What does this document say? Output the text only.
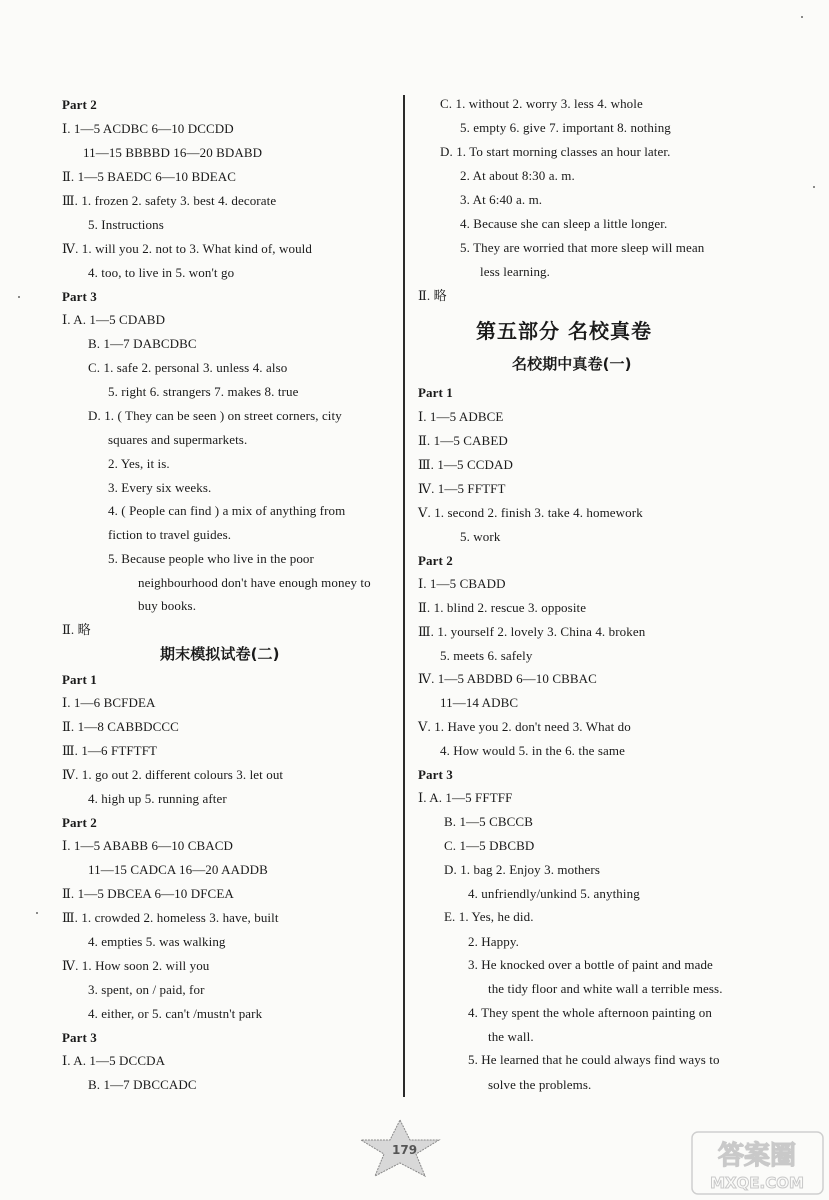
Part 2
Ⅰ. 1—5 ACDBC 6—10 DCCDD
11—15 BBBBD 16—20 BDABD
Ⅱ. 1—5 BAEDC 6—10 BDEAC
Ⅲ. 1. frozen 2. safety 3. best 4. decorate
5. Instructions
Ⅳ. 1. will you 2. not to 3. What kind of, would
4. too, to live in 5. won't go
Part 3
Ⅰ. A. 1—5 CDABD
B. 1—7 DABCDBC
C. 1. safe 2. personal 3. unless 4. also
5. right 6. strangers 7. makes 8. true
D. 1. ( They can be seen ) on street corners, city
squares and supermarkets.
2. Yes, it is.
3. Every six weeks.
4. ( People can find ) a mix of anything from
fiction to travel guides.
5. Because people who live in the poor
neighbourhood don't have enough money to
buy books.
Ⅱ. 略
期末模拟试卷(二)
Part 1
Ⅰ. 1—6 BCFDEA
Ⅱ. 1—8 CABBDCCC
Ⅲ. 1—6 FTFTFT
Ⅳ. 1. go out 2. different colours 3. let out
4. high up 5. running after
Part 2
Ⅰ. 1—5 ABABB 6—10 CBACD
11—15 CADCA 16—20 AADDB
Ⅱ. 1—5 DBCEA 6—10 DFCEA
Ⅲ. 1. crowded 2. homeless 3. have, built
4. empties 5. was walking
Ⅳ. 1. How soon 2. will you
3. spent, on / paid, for
4. either, or 5. can't /mustn't park
Part 3
Ⅰ. A. 1—5 DCCDA
B. 1—7 DBCCADC
C. 1. without 2. worry 3. less 4. whole
5. empty 6. give 7. important 8. nothing
D. 1. To start morning classes an hour later.
2. At about 8:30 a. m.
3. At 6:40 a. m.
4. Because she can sleep a little longer.
5. They are worried that more sleep will mean
less learning.
Ⅱ. 略
第五部分 名校真卷
名校期中真卷(一)
Part 1
Ⅰ. 1—5 ADBCE
Ⅱ. 1—5 CABED
Ⅲ. 1—5 CCDAD
Ⅳ. 1—5 FFTFT
Ⅴ. 1. second 2. finish 3. take 4. homework
5. work
Part 2
Ⅰ. 1—5 CBADD
Ⅱ. 1. blind 2. rescue 3. opposite
Ⅲ. 1. yourself 2. lovely 3. China 4. broken
5. meets 6. safely
Ⅳ. 1—5 ABDBD 6—10 CBBAC
11—14 ADBC
Ⅴ. 1. Have you 2. don't need 3. What do
4. How would 5. in the 6. the same
Part 3
Ⅰ. A. 1—5 FFTFF
B. 1—5 CBCCB
C. 1—5 DBCBD
D. 1. bag 2. Enjoy 3. mothers
4. unfriendly/unkind 5. anything
E. 1. Yes, he did.
2. Happy.
3. He knocked over a bottle of paint and made
the tidy floor and white wall a terrible mess.
4. They spent the whole afternoon painting on
the wall.
5. He learned that he could always find ways to
solve the problems.
179	答案圈
MXQE.COM
